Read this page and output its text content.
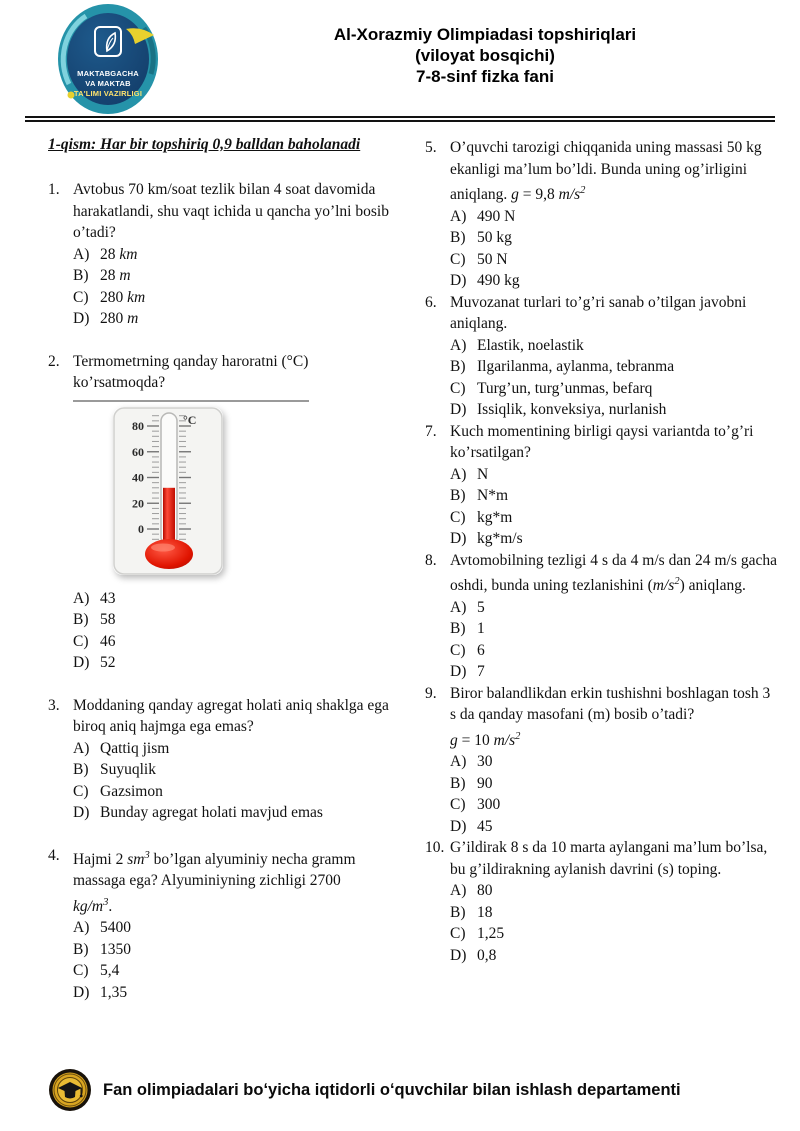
MAKTABGACHA
VA MAKTAB
TA'LIMI VAZIRLIGI
Al-Xorazmiy Olimpiadasi topshiriqlari
(viloyat bosqichi)
7-8-sinf fizka fani
1-qism: Har bir topshiriq 0,9 balldan baholanadi
1. Avtobus 70 km/soat tezlik bilan 4 soat davomida harakatlandi, shu vaqt ichida u qancha yo’lni bosib o’tadi?

A) 28 km
B) 28 m
C) 280 km
D) 280 m
2. Termometrning qanday haroratni (°C) ko’rsatmoqda?

°C
80
60
40
20
0
A) 43
B) 58
C) 46
D) 52
3. Moddaning qanday agregat holati aniq shaklga ega biroq aniq hajmga ega emas?

A) Qattiq jism
B) Suyuqlik
C) Gazsimon
D) Bunday agregat holati mavjud emas
4. Hajmi 2 $sm^3$ bo’lgan alyuminiy necha gramm massaga ega? Alyuminiyning zichligi 2700
$kg/m^3$.

A) 5400
B) 1350
C) 5,4
D) 1,35
5. O’quvchi tarozigi chiqqanida uning massasi 50 kg ekanligi ma’lum bo’ldi. Bunda uning og’irligini aniqlang. g = 9,8 $m/s^2$

A) 490 N
B) 50 kg
C) 50 N
D) 490 kg
6. Muvozanat turlari to’g’ri sanab o’tilgan javobni aniqlang.

A) Elastik, noelastik
B) Ilgarilanma, aylanma, tebranma
C) Turg’un, turg’unmas, befarq
D) Issiqlik, konveksiya, nurlanish
7. Kuch momentining birligi qaysi variantda to’g’ri ko’rsatilgan?

A) N
B) N*m
C) kg*m
D) kg*m/s
8. Avtomobilning tezligi 4 s da 4 m/s dan 24 m/s gacha oshdi, bunda uning tezlanishini $(m/s^2)$ aniqlang.

A) 5
B) 1
C) 6
D) 7
9. Biror balandlikdan erkin tushishni boshlagan tosh 3 s da qanday masofani (m) bosib o’tadi?
g = 10 $m/s^2$

A) 30
B) 90
C) 300
D) 45
10. G’ildirak 8 s da 10 marta aylangani ma’lum bo’lsa, bu g’ildirakning aylanish davrini (s) toping.

A) 80
B) 18
C) 1,25
D) 0,8
Fan olimpiadalari boʻyicha iqtidorli oʻquvchilar bilan ishlash departamenti
